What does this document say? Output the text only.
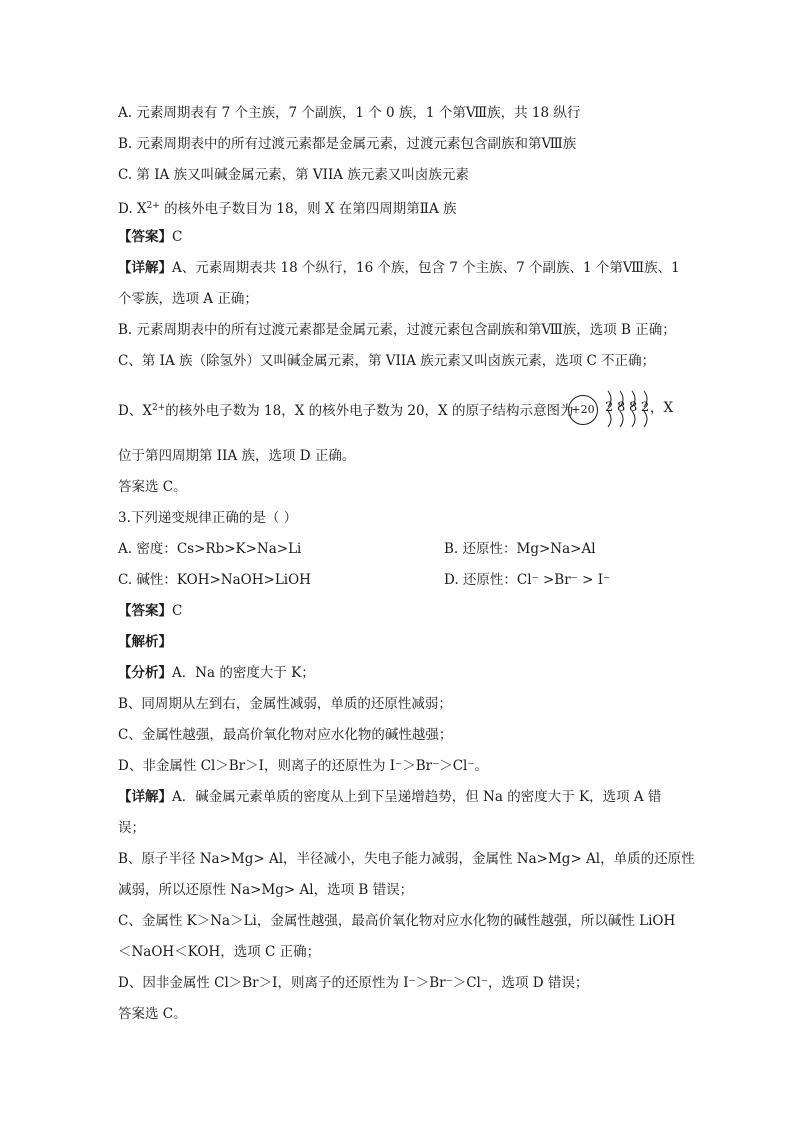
A. 元素周期表有 7 个主族，7 个副族，1 个 0 族，1 个第Ⅷ族，共 18 纵行
B. 元素周期表中的所有过渡元素都是金属元素，过渡元素包含副族和第Ⅷ族
C. 第 IA 族又叫碱金属元素，第 VIIA 族元素又叫卤族元素
D. $X^{2+}$ 的核外电子数目为 18，则 X 在第四周期第ⅡA 族
【答案】C
【详解】A、元素周期表共 18 个纵行，16 个族，包含 7 个主族、7 个副族、1 个第Ⅷ族、1
个零族，选项 A 正确；
B. 元素周期表中的所有过渡元素都是金属元素，过渡元素包含副族和第Ⅷ族，选项 B 正确；
C、第 IA 族（除氢外）又叫碱金属元素，第 VIIA 族元素又叫卤族元素，选项 C 不正确；
D、$X^{2+}$的核外电子数为 18，X 的核外电子数为 20，X 的原子结构示意图为
+20 2 8 8 2 ，X
位于第四周期第 IIA 族，选项 D 正确。
答案选 C。
3.下列递变规律正确的是（ ）
A. 密度：Cs>Rb>K>Na>Li	B. 还原性：Mg>Na>Al
C. 碱性：KOH>NaOH>LiOH	D. 还原性：Cl⁻ >Br⁻ > I⁻
【答案】C
【解析】
【分析】A．Na 的密度大于 K；
B、同周期从左到右，金属性减弱，单质的还原性减弱；
C、金属性越强，最高价氧化物对应水化物的碱性越强；
D、非金属性 Cl＞Br＞I，则离子的还原性为 I⁻＞Br⁻＞Cl⁻。
【详解】A．碱金属元素单质的密度从上到下呈递增趋势，但 Na 的密度大于 K，选项 A 错
误；
B、原子半径 Na>Mg> Al，半径减小，失电子能力减弱，金属性 Na>Mg> Al，单质的还原性
减弱，所以还原性 Na>Mg> Al，选项 B 错误；
C、金属性 K＞Na＞Li，金属性越强，最高价氧化物对应水化物的碱性越强，所以碱性 LiOH
＜NaOH＜KOH，选项 C 正确；
D、因非金属性 Cl＞Br＞I，则离子的还原性为 I⁻＞Br⁻＞Cl⁻，选项 D 错误；
答案选 C。
